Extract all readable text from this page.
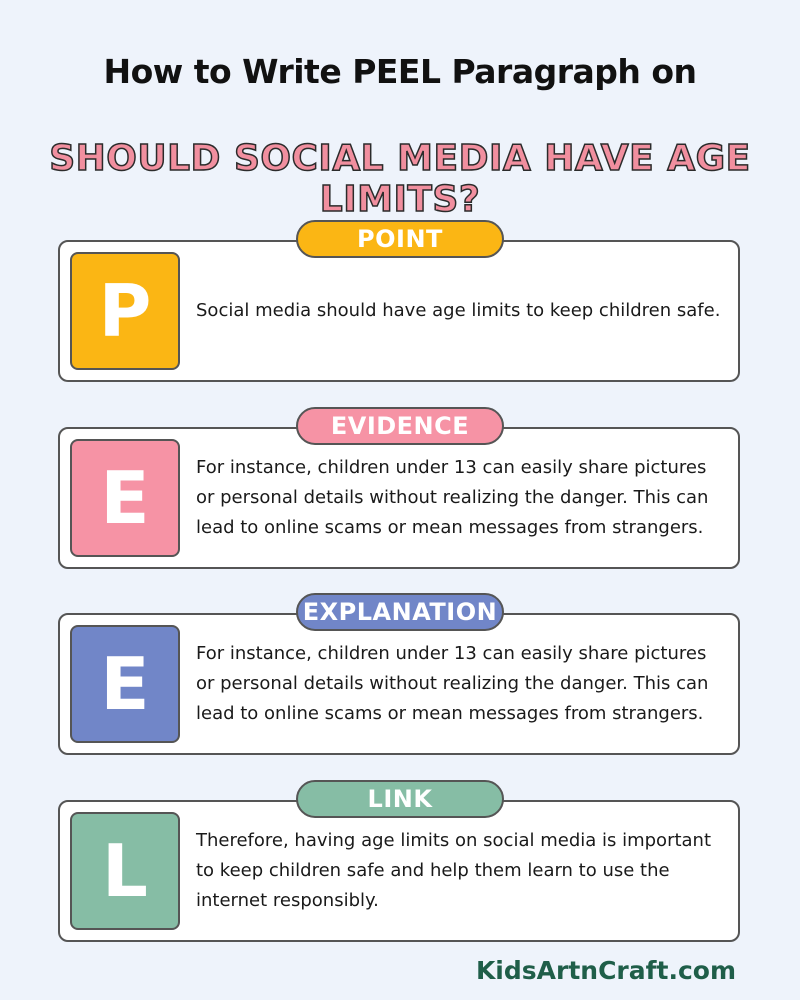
How to Write PEEL Paragraph on
SHOULD SOCIAL MEDIA HAVE AGE LIMITS?
P	Social media should have age limits to keep children safe.
POINT
E	For instance, children under 13 can easily share pictures or personal details without realizing the danger. This can lead to online scams or mean messages from strangers.
EVIDENCE
E	For instance, children under 13 can easily share pictures or personal details without realizing the danger. This can lead to online scams or mean messages from strangers.
EXPLANATION
L	Therefore, having age limits on social media is important to keep children safe and help them learn to use the internet responsibly.
LINK
KidsArtnCraft.com
